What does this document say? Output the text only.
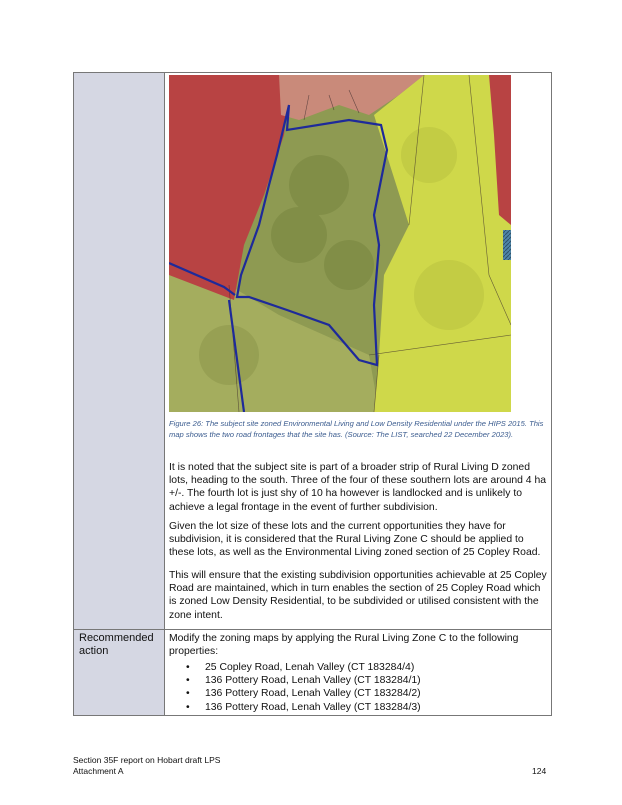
Recommended action
Figure 26: The subject site zoned Environmental Living and Low Density Residential under the HIPS 2015. This map shows the two road frontages that the site has. (Source: The LIST, searched 22 December 2023).

It is noted that the subject site is part of a broader strip of Rural Living D zoned lots, heading to the south. Three of the four of these southern lots are around 4 ha +/-. The fourth lot is just shy of 10 ha however is landlocked and is unlikely to achieve a legal frontage in the event of further subdivision.

Given the lot size of these lots and the current opportunities they have for subdivision, it is considered that the Rural Living Zone C should be applied to these lots, as well as the Environmental Living zoned section of 25 Copley Road.

This will ensure that the existing subdivision opportunities achievable at 25 Copley Road are maintained, which in turn enables the section of 25 Copley Road which is zoned Low Density Residential, to be subdivided or utilised consistent with the zone intent.

Modify the zoning maps by applying the Rural Living Zone C to the following properties:

• 25 Copley Road, Lenah Valley (CT 183284/4)
• 136 Pottery Road, Lenah Valley (CT 183284/1)
• 136 Pottery Road, Lenah Valley (CT 183284/2)
• 136 Pottery Road, Lenah Valley (CT 183284/3)
Section 35F report on Hobart draft LPS
Attachment A	124
